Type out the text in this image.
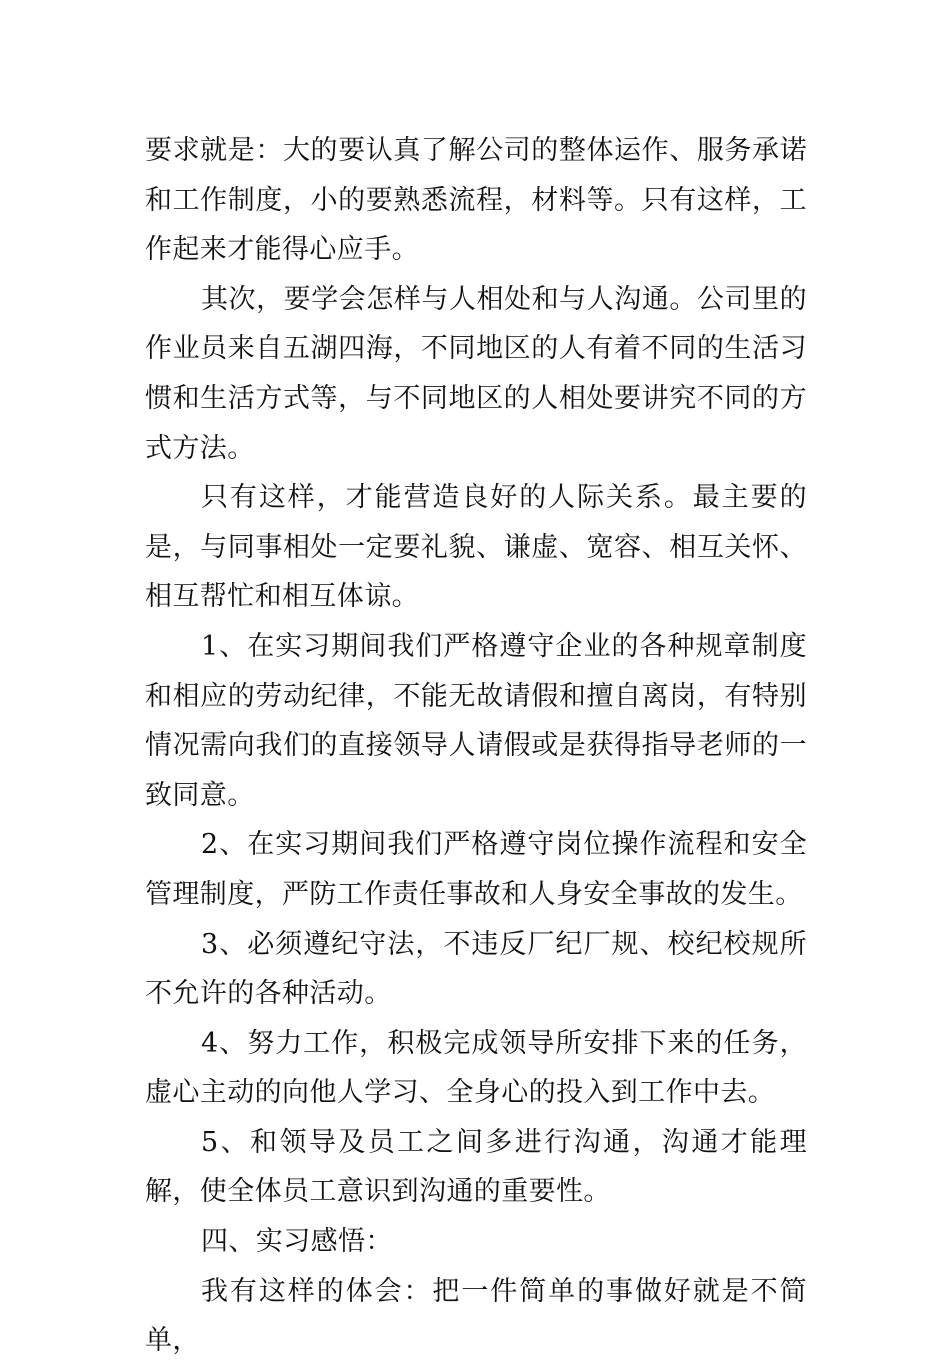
要求就是：大的要认真了解公司的整体运作、服务承诺和工作制度，小的要熟悉流程，材料等。只有这样，工作起来才能得心应手。

其次，要学会怎样与人相处和与人沟通。公司里的作业员来自五湖四海，不同地区的人有着不同的生活习惯和生活方式等，与不同地区的人相处要讲究不同的方式方法。

只有这样，才能营造良好的人际关系。最主要的是，与同事相处一定要礼貌、谦虚、宽容、相互关怀、相互帮忙和相互体谅。

1、在实习期间我们严格遵守企业的各种规章制度和相应的劳动纪律，不能无故请假和擅自离岗，有特别情况需向我们的直接领导人请假或是获得指导老师的一致同意。

2、在实习期间我们严格遵守岗位操作流程和安全管理制度，严防工作责任事故和人身安全事故的发生。

3、必须遵纪守法，不违反厂纪厂规、校纪校规所不允许的各种活动。

4、努力工作，积极完成领导所安排下来的任务，虚心主动的向他人学习、全身心的投入到工作中去。

5、和领导及员工之间多进行沟通，沟通才能理解，使全体员工意识到沟通的重要性。

四、实习感悟：

我有这样的体会：把一件简单的事做好就是不简单，
